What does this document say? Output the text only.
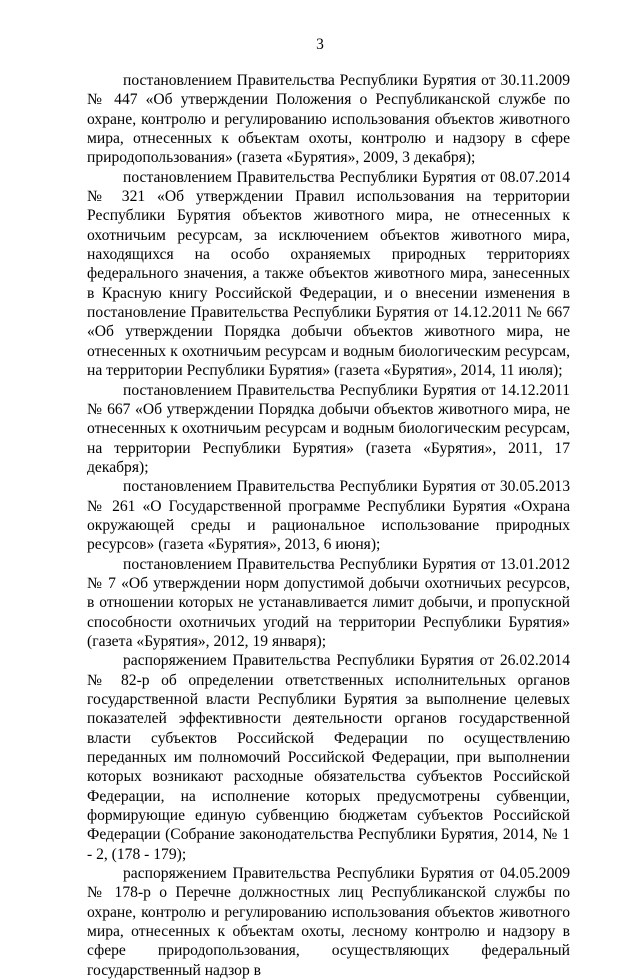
3

постановлением Правительства Республики Бурятия от 30.11.2009 № 447 «Об утверждении Положения о Республиканской службе по охране, контролю и регулированию использования объектов животного мира, отнесенных к объектам охоты, контролю и надзору в сфере природопользования» (газета «Бурятия», 2009, 3 декабря);

постановлением Правительства Республики Бурятия от 08.07.2014 № 321 «Об утверждении Правил использования на территории Республики Бурятия объектов животного мира, не отнесенных к охотничьим ресурсам, за исключением объектов животного мира, находящихся на особо охраняемых природных территориях федерального значения, а также объектов животного мира, занесенных в Красную книгу Российской Федерации, и о внесении изменения в постановление Правительства Республики Бурятия от 14.12.2011 № 667 «Об утверждении Порядка добычи объектов животного мира, не отнесенных к охотничьим ресурсам и водным биологическим ресурсам, на территории Республики Бурятия» (газета «Бурятия», 2014, 11 июля);

постановлением Правительства Республики Бурятия от 14.12.2011 № 667 «Об утверждении Порядка добычи объектов животного мира, не отнесенных к охотничьим ресурсам и водным биологическим ресурсам, на территории Республики Бурятия» (газета «Бурятия», 2011, 17 декабря);

постановлением Правительства Республики Бурятия от 30.05.2013 № 261 «О Государственной программе Республики Бурятия «Охрана окружающей среды и рациональное использование природных ресурсов» (газета «Бурятия», 2013, 6 июня);

постановлением Правительства Республики Бурятия от 13.01.2012 № 7 «Об утверждении норм допустимой добычи охотничьих ресурсов, в отношении которых не устанавливается лимит добычи, и пропускной способности охотничьих угодий на территории Республики Бурятия» (газета «Бурятия», 2012, 19 января);

распоряжением Правительства Республики Бурятия от 26.02.2014 № 82-р об определении ответственных исполнительных органов государственной власти Республики Бурятия за выполнение целевых показателей эффективности деятельности органов государственной власти субъектов Российской Федерации по осуществлению переданных им полномочий Российской Федерации, при выполнении которых возникают расходные обязательства субъектов Российской Федерации, на исполнение которых предусмотрены субвенции, формирующие единую субвенцию бюджетам субъектов Российской Федерации (Собрание законодательства Республики Бурятия, 2014, № 1 - 2, (178 - 179);

распоряжением Правительства Республики Бурятия от 04.05.2009 № 178-р о Перечне должностных лиц Республиканской службы по охране, контролю и регулированию использования объектов животного мира, отнесенных к объектам охоты, лесному контролю и надзору в сфере природопользования, осуществляющих федеральный государственный надзор в
